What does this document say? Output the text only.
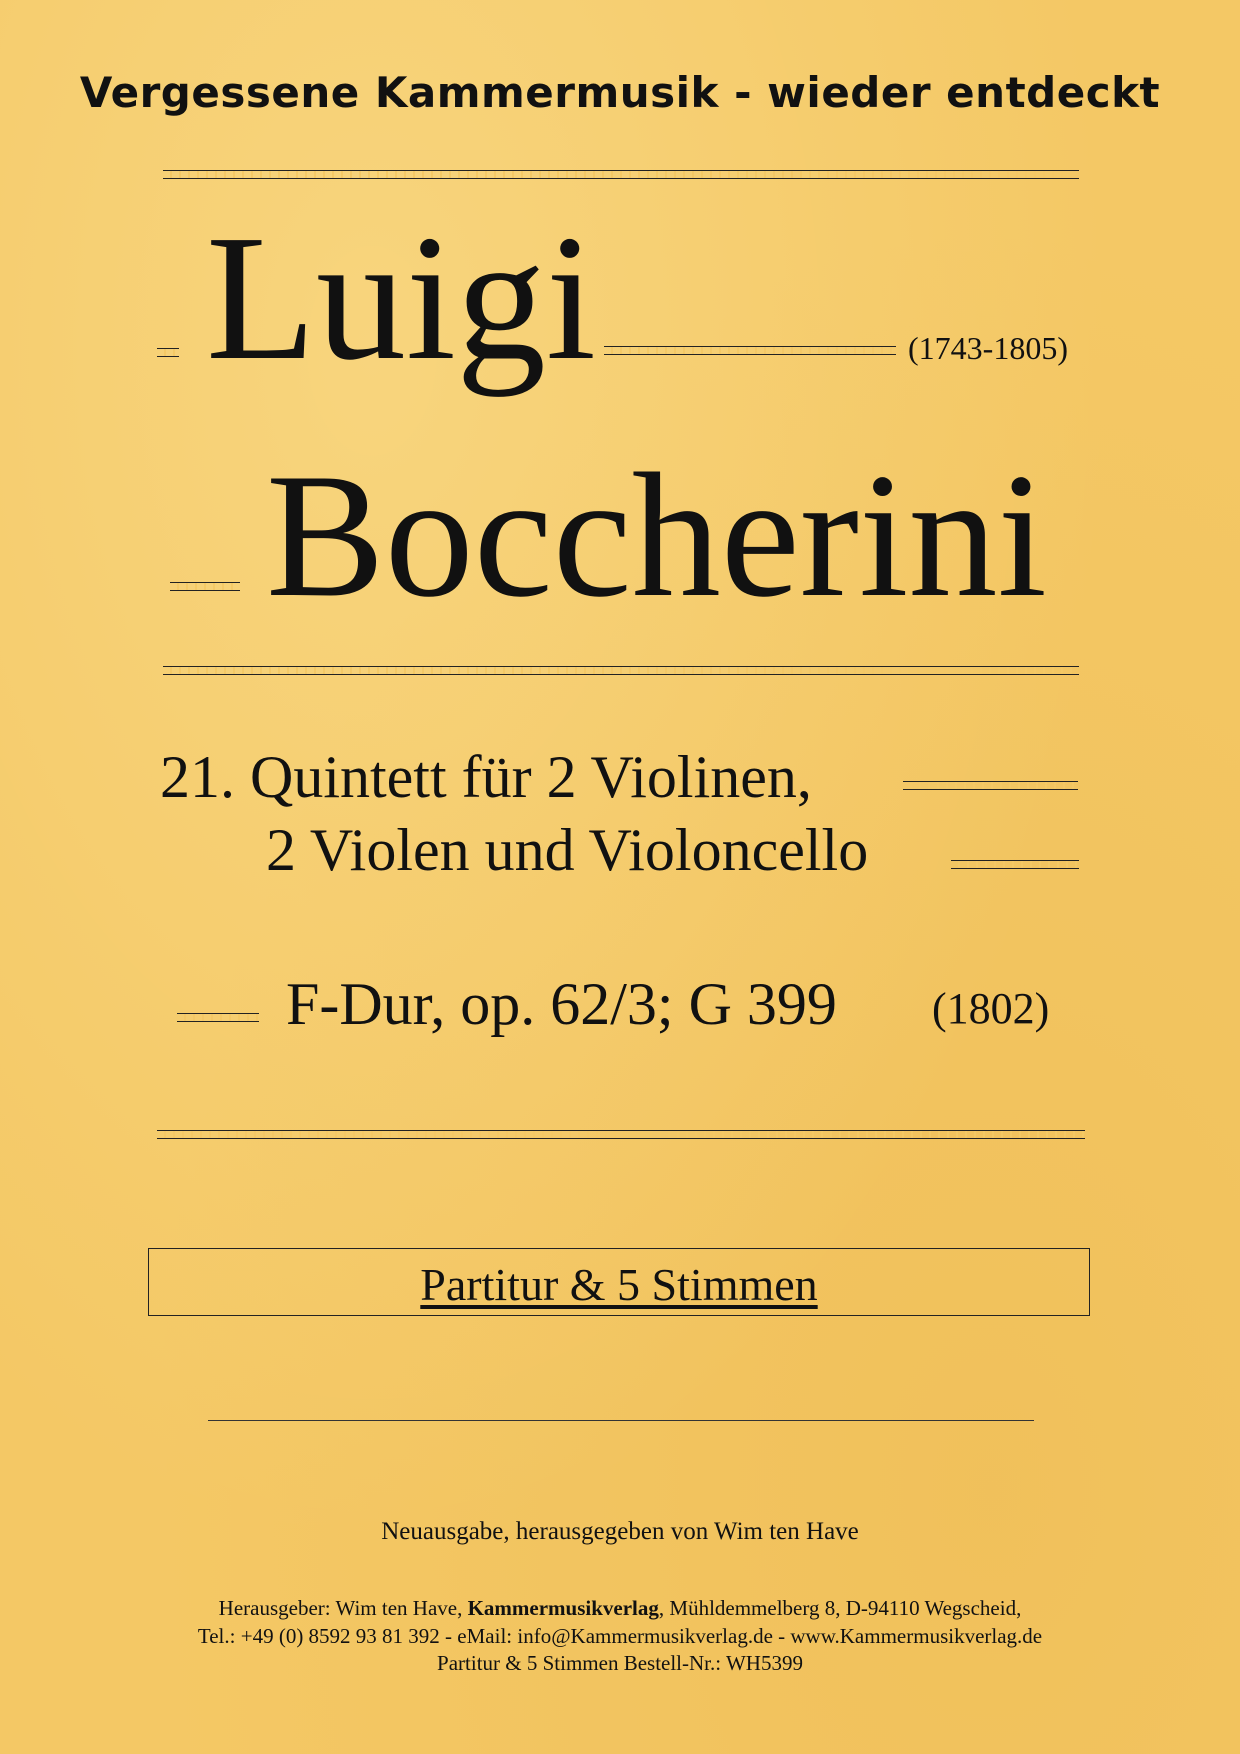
Vergessene Kammermusik - wieder entdeckt
Luigi	(1743-1805)
Boccherini
21. Quintett für 2 Violinen,
2 Violen und Violoncello
F-Dur, op. 62/3; G 399 (1802)
Partitur & 5 Stimmen
Neuausgabe, herausgegeben von Wim ten Have
Herausgeber: Wim ten Have, Kammermusikverlag, Mühldemmelberg 8, D-94110 Wegscheid,
Tel.: +49 (0) 8592 93 81 392 - eMail: info@Kammermusikverlag.de - www.Kammermusikverlag.de
Partitur & 5 Stimmen Bestell-Nr.: WH5399
